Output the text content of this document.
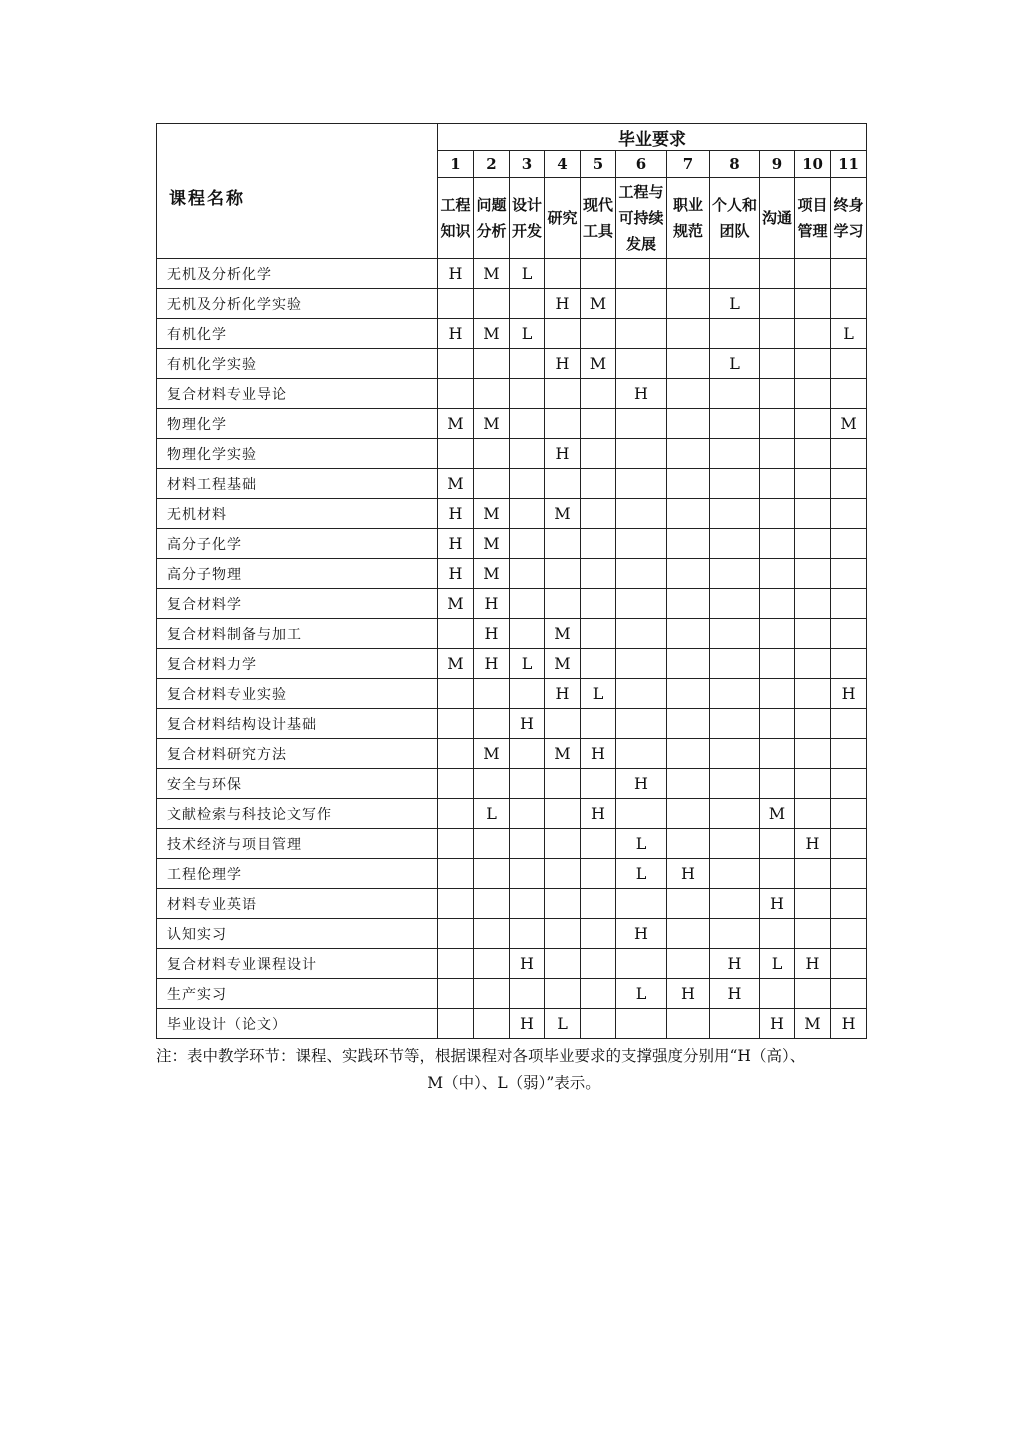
课程名称	毕业要求										
	1	2	3	4	5	6	7	8	9	10	11
	工程知识	问题分析	设计开发	研究	现代工具	工程与可持续发展	职业规范	个人和团队	沟通	项目管理	终身学习
无机及分析化学	H	M	L								
无机及分析化学实验				H	M			L			
有机化学	H	M	L								L
有机化学实验				H	M			L			
复合材料专业导论						H					
物理化学	M	M									M
物理化学实验				H							
材料工程基础	M										
无机材料	H	M		M							
高分子化学	H	M									
高分子物理	H	M									
复合材料学	M	H									
复合材料制备与加工		H		M							
复合材料力学	M	H	L	M							
复合材料专业实验				H	L						H
复合材料结构设计基础			H								
复合材料研究方法		M		M	H						
安全与环保						H					
文献检索与科技论文写作		L			H				M		
技术经济与项目管理						L				H	
工程伦理学						L	H				
材料专业英语									H		
认知实习						H					
复合材料专业课程设计			H					H	L	H	
生产实习						L	H	H			
毕业设计（论文）			H	L					H	M	H
注：表中教学环节：课程、实践环节等，根据课程对各项毕业要求的支撑强度分别用“H（高）、
M（中）、L（弱）”表示。
